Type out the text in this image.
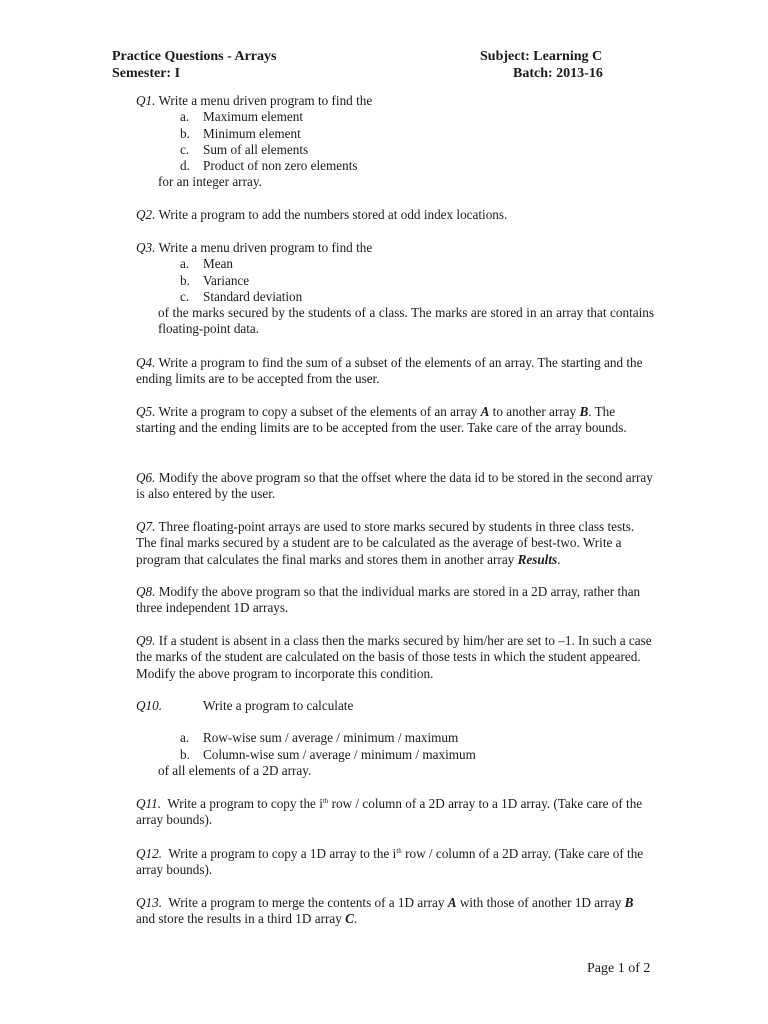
Practice Questions - Arrays	Subject: Learning C
Semester: I	Batch: 2013-16
Q1. Write a menu driven program to find the
a. Maximum element
b. Minimum element
c. Sum of all elements
d. Product of non zero elements
for an integer array.
Q2. Write a program to add the numbers stored at odd index locations.
Q3. Write a menu driven program to find the
a. Mean
b. Variance
c. Standard deviation
of the marks secured by the students of a class. The marks are stored in an array that contains floating-point data.
Q4. Write a program to find the sum of a subset of the elements of an array. The starting and the ending limits are to be accepted from the user.
Q5. Write a program to copy a subset of the elements of an array A to another array B. The starting and the ending limits are to be accepted from the user. Take care of the array bounds.
Q6. Modify the above program so that the offset where the data id to be stored in the second array is also entered by the user.
Q7. Three floating-point arrays are used to store marks secured by students in three class tests. The final marks secured by a student are to be calculated as the average of best-two. Write a program that calculates the final marks and stores them in another array Results.
Q8. Modify the above program so that the individual marks are stored in a 2D array, rather than three independent 1D arrays.
Q9. If a student is absent in a class then the marks secured by him/her are set to –1. In such a case the marks of the student are calculated on the basis of those tests in which the student appeared. Modify the above program to incorporate this condition.
Q10.	Write a program to calculate
a. Row-wise sum / average / minimum / maximum
b. Column-wise sum / average / minimum / maximum
of all elements of a 2D array.
Q11. Write a program to copy the $i^{th}$ row / column of a 2D array to a 1D array. (Take care of the array bounds).
Q12. Write a program to copy a 1D array to the $i^{th}$ row / column of a 2D array. (Take care of the array bounds).
Q13. Write a program to merge the contents of a 1D array A with those of another 1D array B and store the results in a third 1D array C.
Page 1 of 2
